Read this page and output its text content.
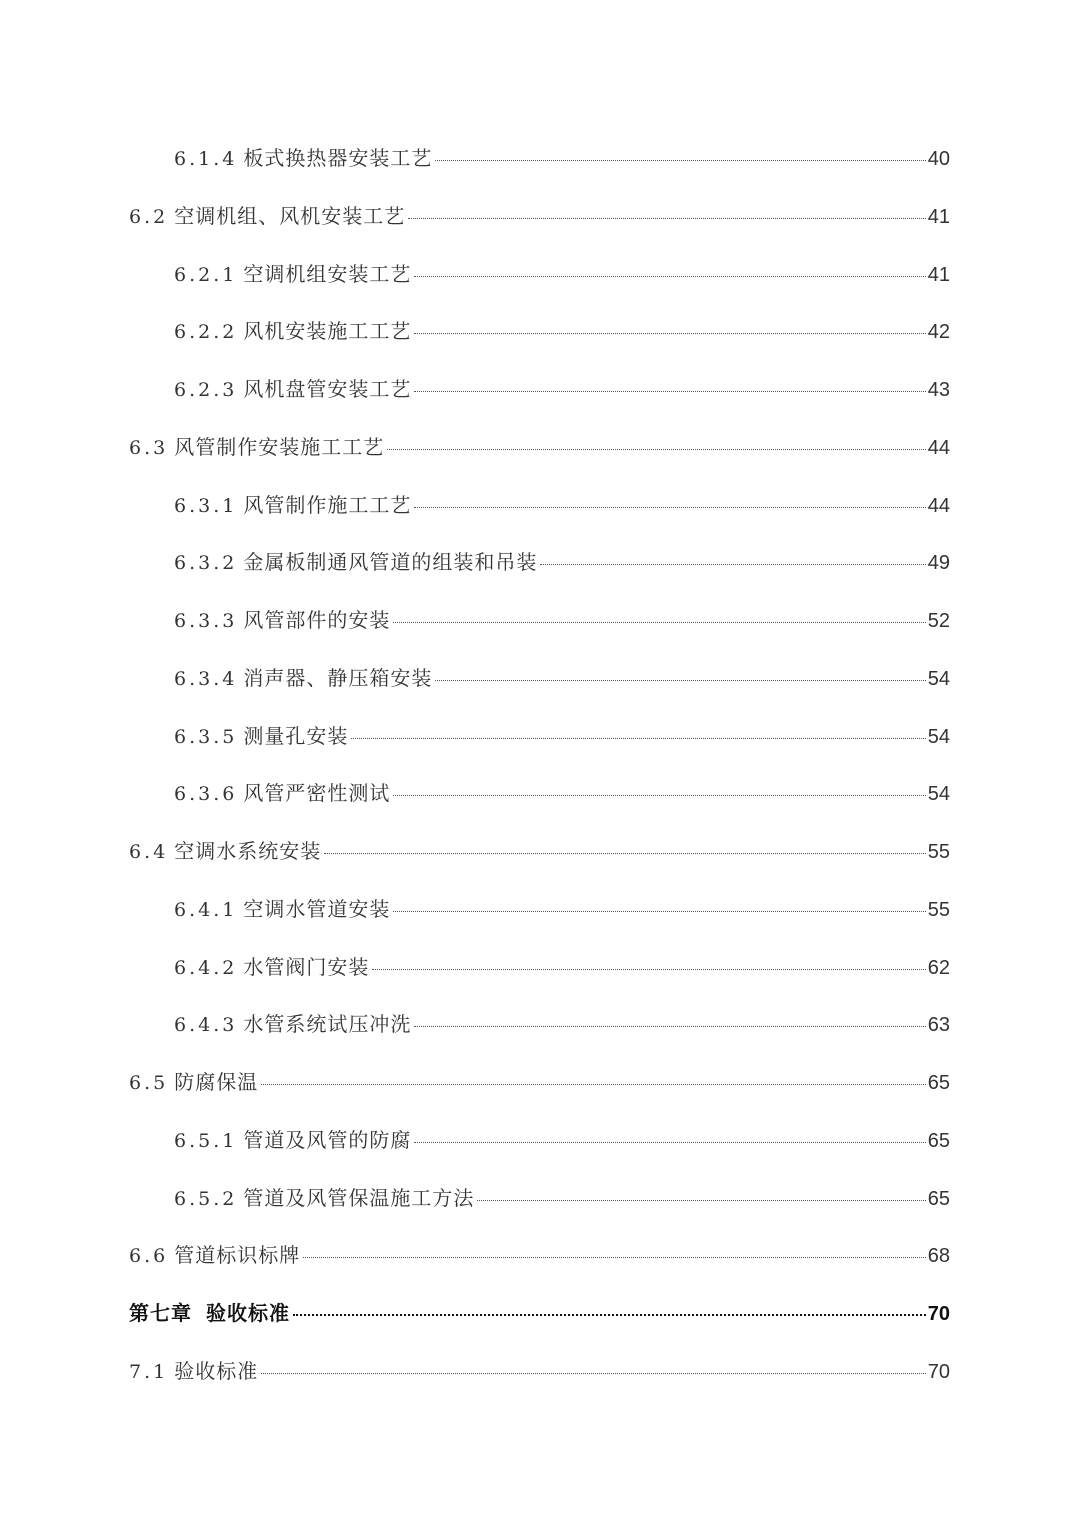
6.1.4 板式换热器安装工艺	40
6.2 空调机组、风机安装工艺	41
6.2.1 空调机组安装工艺	41
6.2.2 风机安装施工工艺	42
6.2.3 风机盘管安装工艺	43
6.3 风管制作安装施工工艺	44
6.3.1 风管制作施工工艺	44
6.3.2 金属板制通风管道的组装和吊装	49
6.3.3 风管部件的安装	52
6.3.4 消声器、静压箱安装	54
6.3.5 测量孔安装	54
6.3.6 风管严密性测试	54
6.4 空调水系统安装	55
6.4.1 空调水管道安装	55
6.4.2 水管阀门安装	62
6.4.3 水管系统试压冲洗	63
6.5 防腐保温	65
6.5.1 管道及风管的防腐	65
6.5.2 管道及风管保温施工方法	65
6.6 管道标识标牌	68
第七章 验收标准	70
7.1 验收标准	70
